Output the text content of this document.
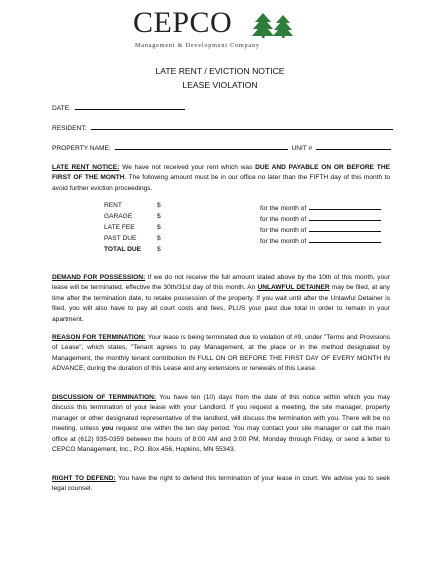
CEPCO
Management & Development Company
LATE RENT / EVICTION NOTICE
LEASE VIOLATION
DATE:
RESIDENT:
PROPERTY NAME:	UNIT #
LATE RENT NOTICE: We have not received your rent which was DUE AND PAYABLE ON OR BEFORE THE FIRST OF THE MONTH. The following amount must be in our office no later than the FIFTH day of this month to avoid further eviction proceedings.
RENT	$	for the month of
GARAGE	$	for the month of
LATE FEE	$	for the month of
PAST DUE	$	for the month of
TOTAL DUE $
DEMAND FOR POSSESSION: If we do not receive the full amount stated above by the 10th of this month, your lease will be terminated, effective the 30th/31st day of this month. An UNLAWFUL DETAINER may be filed, at any time after the termination date, to retake possession of the property. If you wait until after the Unlawful Detainer is filed, you will also have to pay all court costs and fees, PLUS your past due total in order to remain in your apartment.
REASON FOR TERMINATION: Your lease is being terminated due to violation of #9, under "Terms and Provisions of Lease", which states, "Tenant agrees to pay Management, at the place or in the method designated by Management, the monthly tenant contribution IN FULL ON OR BEFORE THE FIRST DAY OF EVERY MONTH IN ADVANCE, during the duration of this Lease and any extensions or renewals of this Lease.
DISCUSSION OF TERMINATION: You have ten (10) days from the date of this notice within which you may discuss this termination of your lease with your Landlord. If you request a meeting, the site manager, property manager or other designated representative of the landlord, will discuss the termination with you. There will be no meeting, unless you request one within the ten day period. You may contact your site manager or call the main office at (612) 935-0359 between the hours of 8:00 AM and 3:00 PM, Monday through Friday, or send a letter to CEPCO Management, Inc., P.O. Box 456, Hopkins, MN 55343.
RIGHT TO DEFEND: You have the right to defend this termination of your lease in court. We advise you to seek legal counsel.
